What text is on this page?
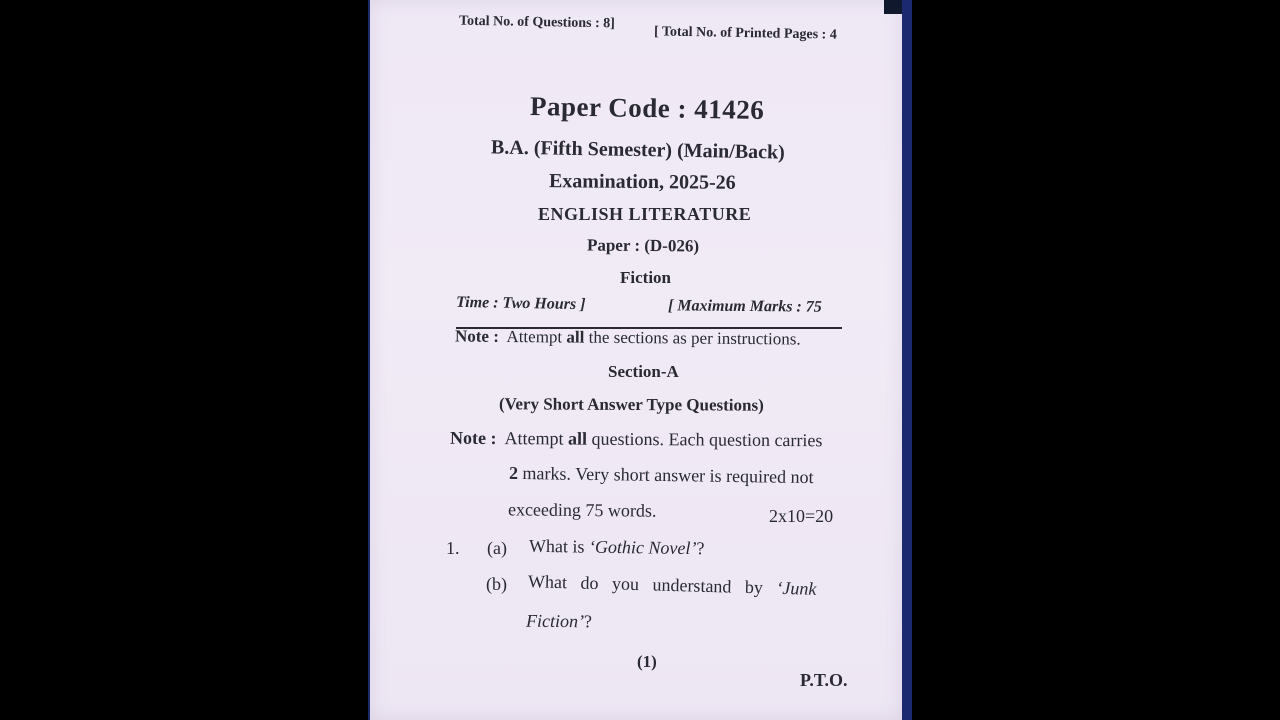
Total No. of Questions : 8]
[ Total No. of Printed Pages : 4
Paper Code : 41426
B.A. (Fifth Semester) (Main/Back)
Examination, 2025-26
ENGLISH LITERATURE
Paper : (D-026)
Fiction
Time : Two Hours ]	[ Maximum Marks : 75
Note : Attempt all the sections as per instructions.
Section-A
(Very Short Answer Type Questions)
Note : Attempt all questions. Each question carries
2 marks. Very short answer is required not
exceeding 75 words.	2x10=20
1. (a) What is ‘Gothic Novel’?
(b) What   do   you   understand   by   ‘Junk
Fiction’?
(1)
P.T.O.
